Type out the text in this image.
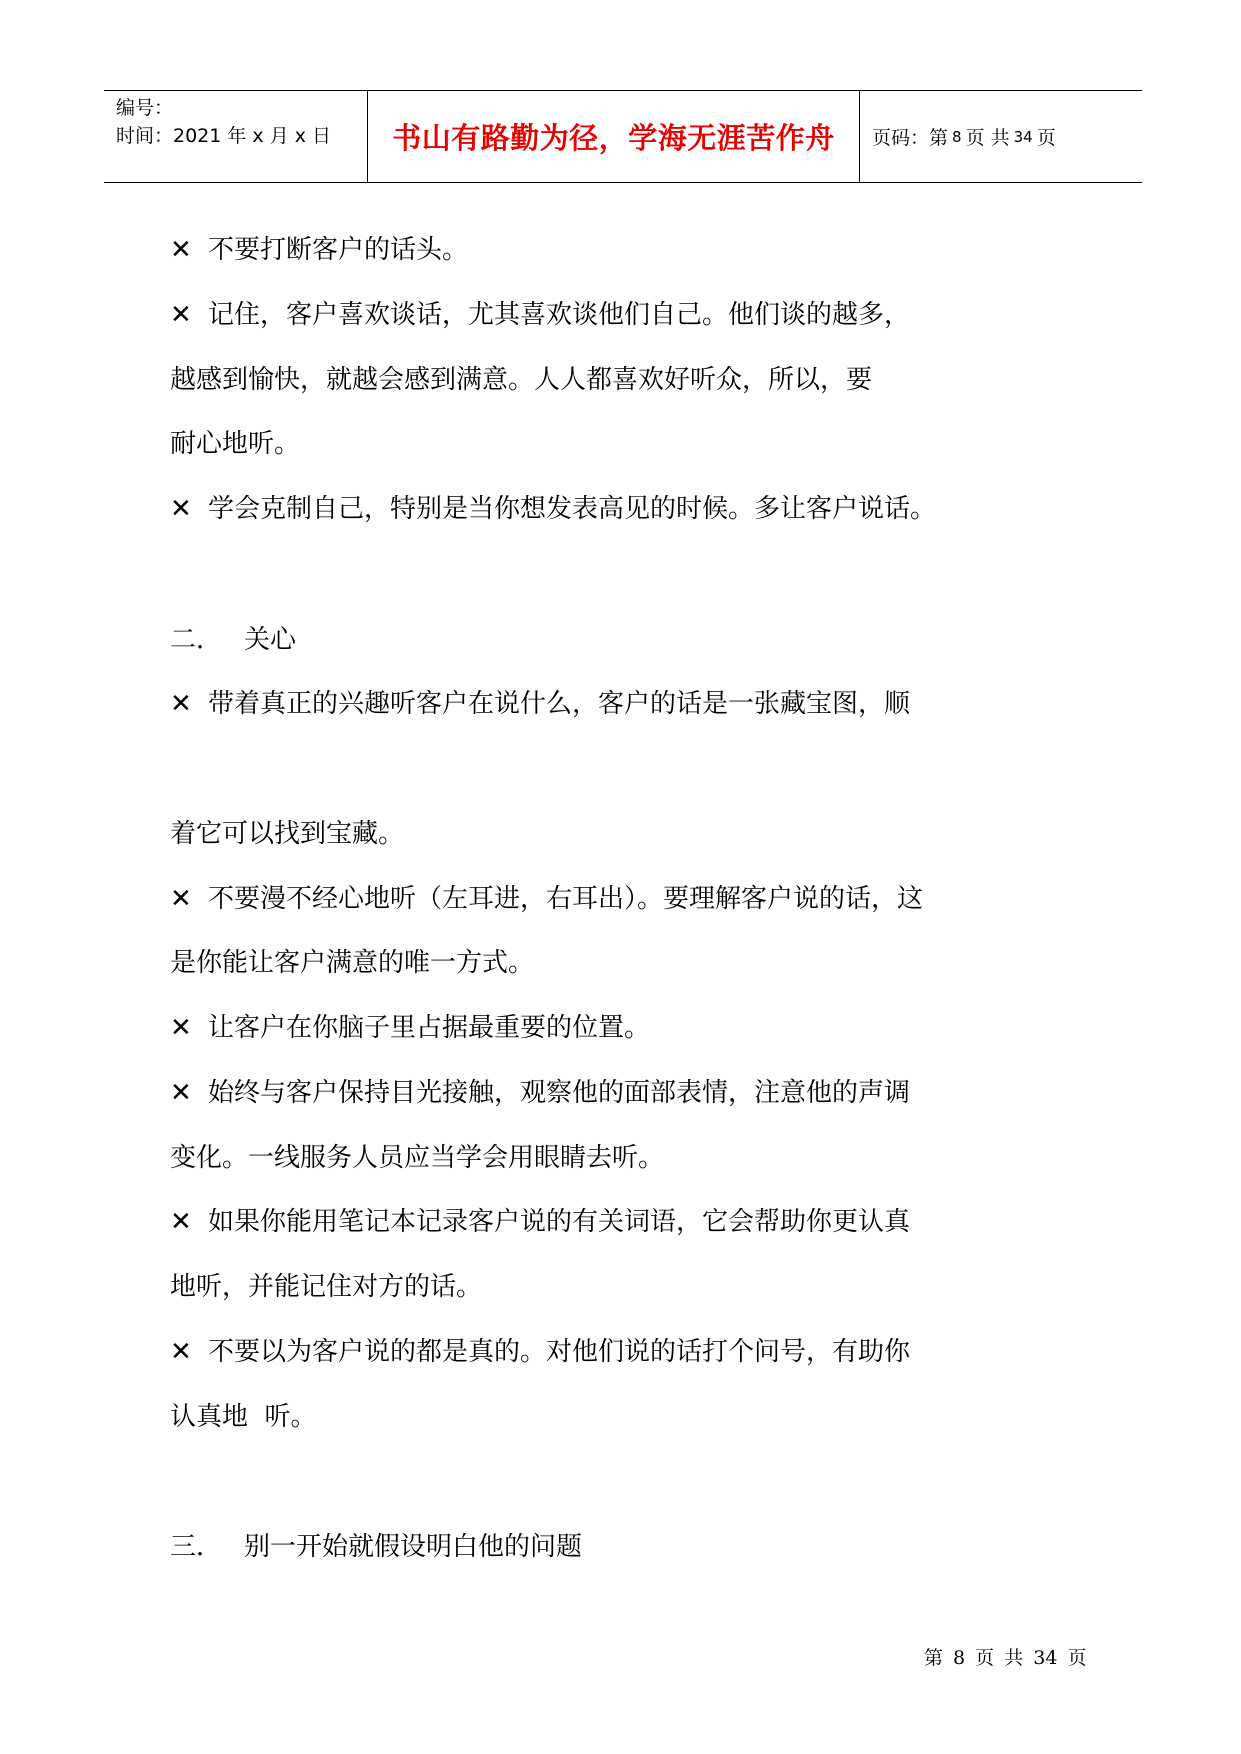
编号：
时间：2021 年 x 月 x 日 书山有路勤为径，学海无涯苦作舟 页码：第 8 页 共 34 页
✕ 不要打断客户的话头。
✕ 记住，客户喜欢谈话，尤其喜欢谈他们自己。他们谈的越多，
越感到愉快，就越会感到满意。人人都喜欢好听众，所以，要
耐心地听。
✕ 学会克制自己，特别是当你想发表高见的时候。多让客户说话。
二． 关心
✕ 带着真正的兴趣听客户在说什么，客户的话是一张藏宝图，顺
着它可以找到宝藏。
✕ 不要漫不经心地听（左耳进，右耳出）。要理解客户说的话，这
是你能让客户满意的唯一方式。
✕ 让客户在你脑子里占据最重要的位置。
✕ 始终与客户保持目光接触，观察他的面部表情，注意他的声调
变化。一线服务人员应当学会用眼睛去听。
✕ 如果你能用笔记本记录客户说的有关词语，它会帮助你更认真
地听，并能记住对方的话。
✕ 不要以为客户说的都是真的。对他们说的话打个问号，有助你
认真地  听。
三． 别一开始就假设明白他的问题
第 8 页 共 34 页
